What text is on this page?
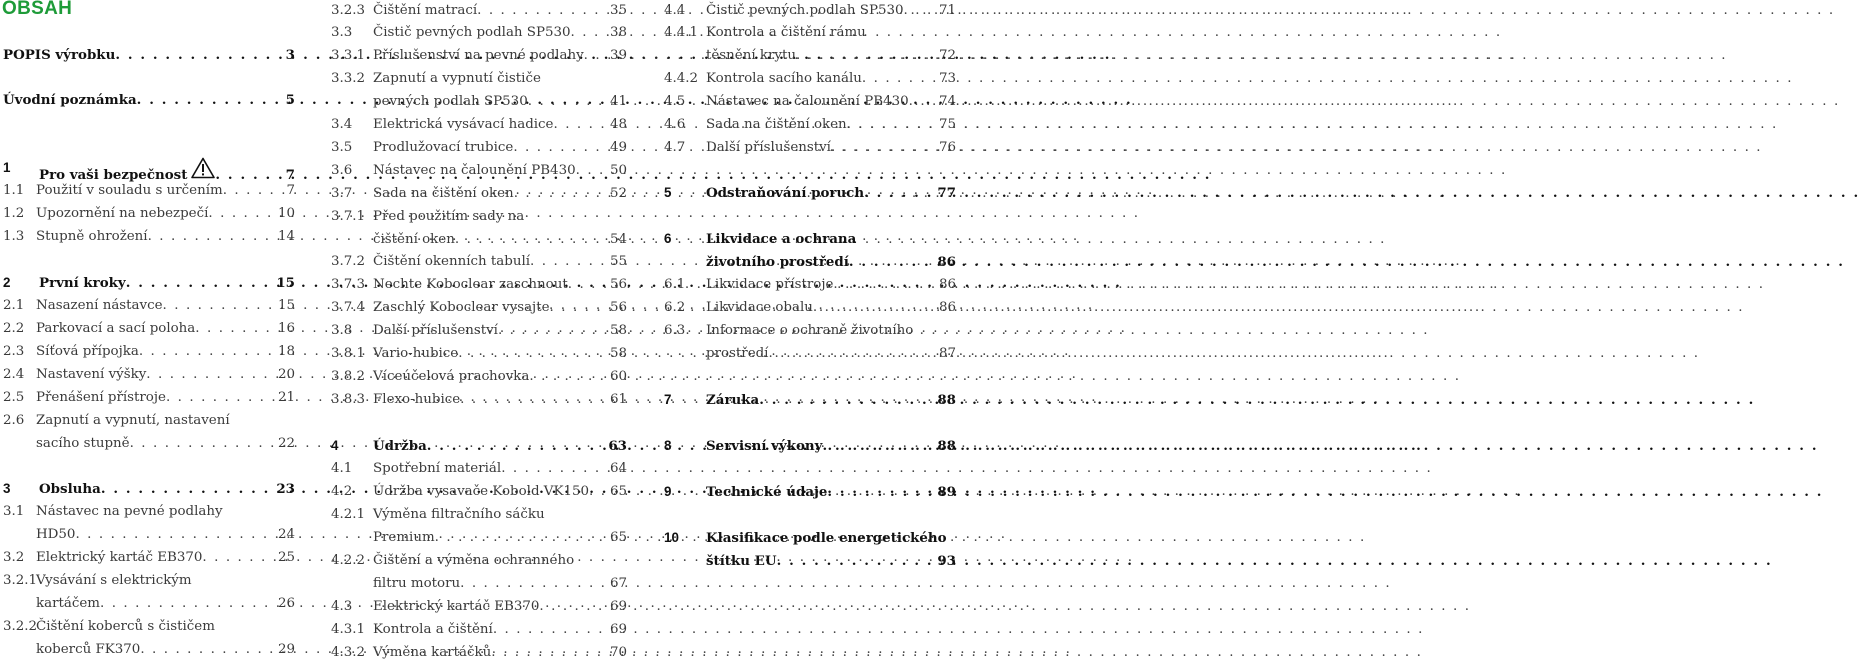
OBSAH
POPIS výrobku . . .	3
Úvodní poznámka . . .	5
1 Pro vaši bezpečnost . . .	7
1.1 Použití v souladu s určením . . .	7
1.2 Upozornění na nebezpečí . . .	10
1.3 Stupně ohrožení . . .	14
2 První kroky . . .	15
2.1 Nasazení nástavce . . .	15
2.2 Parkovací a sací poloha . . .	16
2.3 Síťová přípojka . . .	18
2.4 Nastavení výšky . . .	20
2.5 Přenášení přístroje . . .	21
2.6 Zapnutí a vypnutí, nastavení
sacího stupně . . .	22
3 Obsluha . . .	23
3.1 Nástavec na pevné podlahy
HD50 . . .	24
3.2 Elektrický kartáč EB370 . . .	25
3.2.1
Vysávání s elektrickým
kartáčem . . .	26
3.2.2
Čištění koberců s čističem
koberců FK370 . . .	29
3.2.3 Čištění matrací . . .	35
3.3 Čistič pevných podlah SP530 . . .	38
3.3.1 Příslušenství na pevné podlahy . . . 39
3.3.2 Zapnutí a vypnutí čističe
pevných podlah SP530 . . .	41
3.4 Elektrická vysávací hadice . . .	48
3.5 Prodlužovací trubice . . .	49
3.6 Nástavec na čalounění PB430 . . .	50
3.7 Sada na čištění oken . . .	52
3.7.1 Před použitím sady na
čištění oken . . .	54
3.7.2 Čištění okenních tabulí . . .	55
3.7.3 Nechte Koboclear zaschnout . . .	56
3.7.4 Zaschlý Koboclear vysajte . . .	56
3.8 Další příslušenství . . .	58
3.8.1 Vario-hubice . . .	58
3.8.2 Víceúčelová prachovka . . .	60
3.8.3 Flexo-hubice . . .	61
4	Údržba . . .	63
4.1 Spotřební materiál . . .	64
4.2 Údržba vysavače Kobold VK150 . . . 65
4.2.1 Výměna filtračního sáčku
Premium . . .	65
4.2.2 Čištění a výměna ochranného
filtru motoru . . .	67
4.3 Elektrický kartáč EB370 . . .	69
4.3.1 Kontrola a čištění . . .	69
4.3.2 Výměna kartáčků . . .	70
4.4 Čistič pevných podlah SP530 . . .	71
4.4.1 Kontrola a čištění rámu
těsnění krytu . . .	72
4.4.2 Kontrola sacího kanálu . . .	73
4.5 Nástavec na čalounění PB430 . . . 74
4.6 Sada na čištění oken . . .	75
4.7 Další příslušenství . . .	76
5	Odstraňování poruch . . .	77
6	Likvidace a ochrana
životního prostředí . . .	86
6.1 Likvidace přístroje . . .	86
6.2 Likvidace obalu . . .	86
6.3 Informace o ochraně životního
prostředí . . .	87
7	Záruka . . .	88
8	Servisní výkony . . .	88
9	Technické údaje . . .	89
10 Klasifikace podle energetického
štítku EU . . .	93
